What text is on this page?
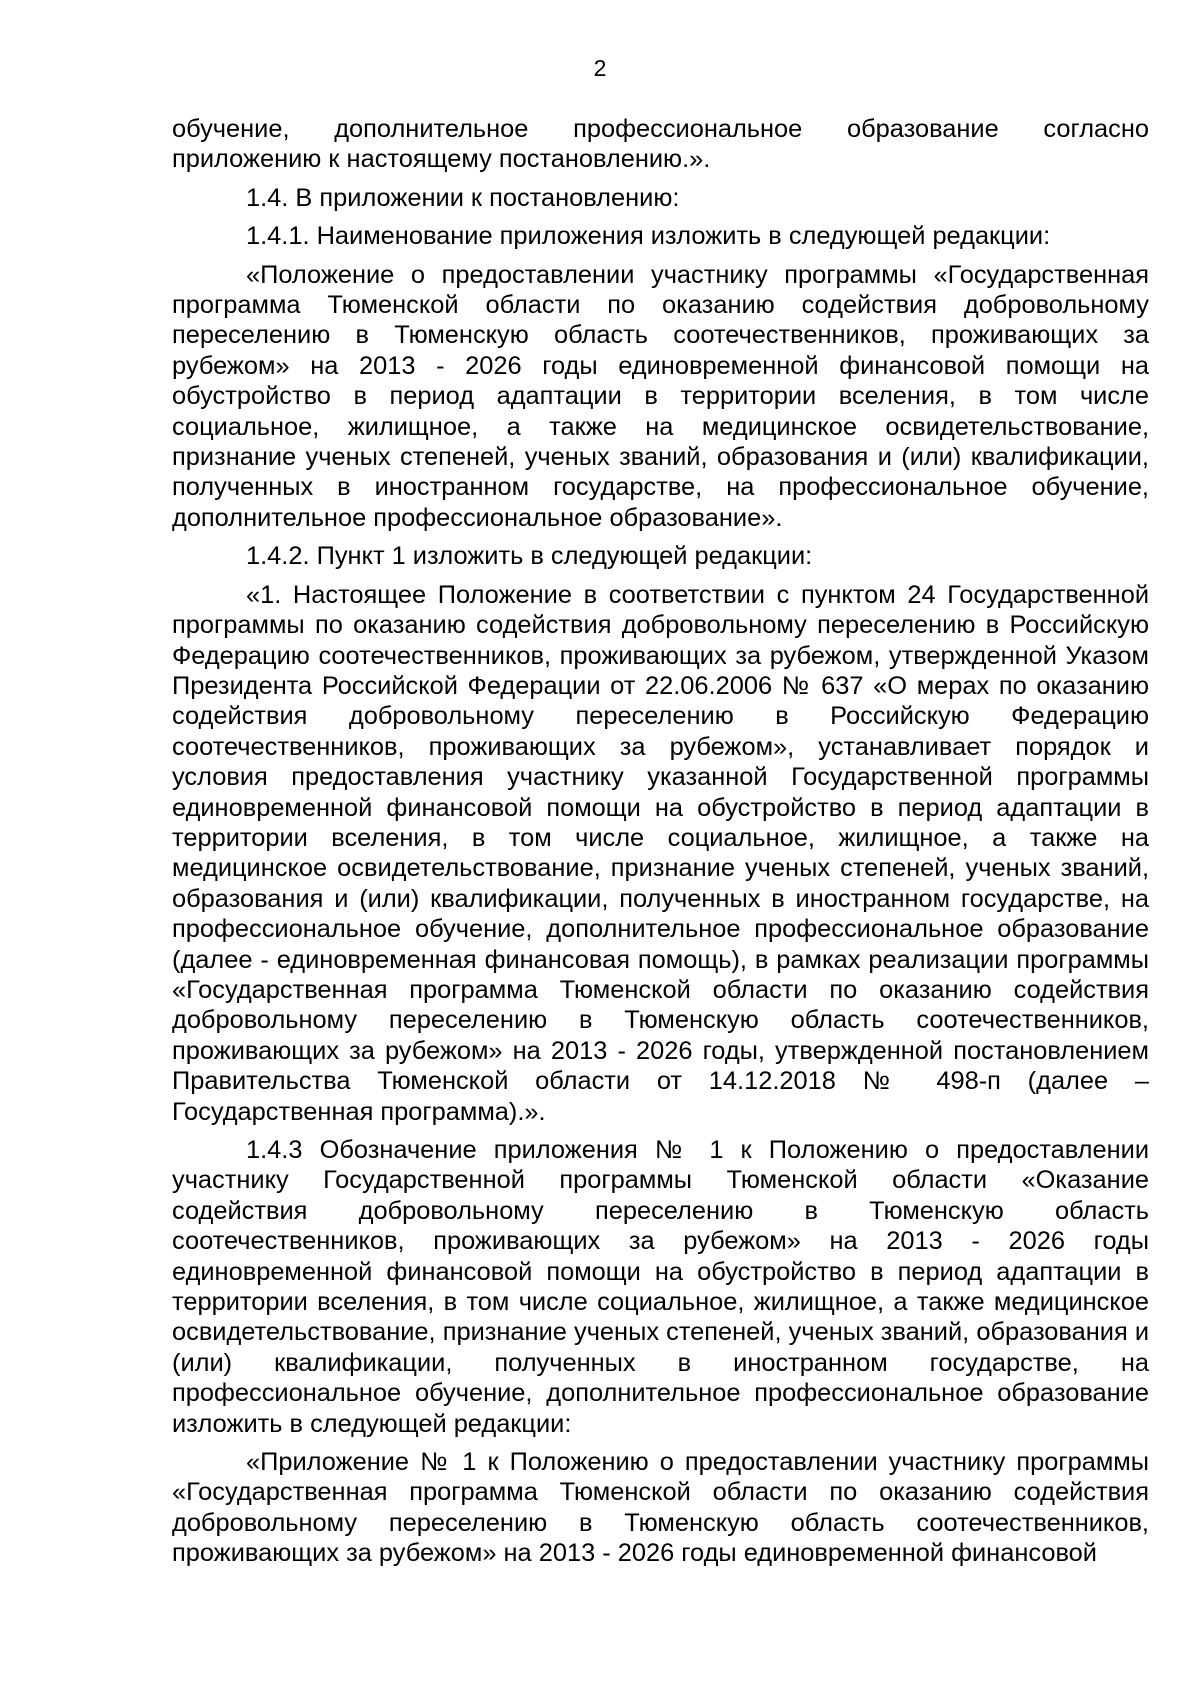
2

обучение, дополнительное профессиональное образование согласно приложению к настоящему постановлению.».

1.4. В приложении к постановлению:

1.4.1. Наименование приложения изложить в следующей редакции:

«Положение о предоставлении участнику программы «Государственная программа Тюменской области по оказанию содействия добровольному переселению в Тюменскую область соотечественников, проживающих за рубежом» на 2013 - 2026 годы единовременной финансовой помощи на обустройство в период адаптации в территории вселения, в том числе социальное, жилищное, а также на медицинское освидетельствование, признание ученых степеней, ученых званий, образования и (или) квалификации, полученных в иностранном государстве, на профессиональное обучение, дополнительное профессиональное образование».

1.4.2. Пункт 1 изложить в следующей редакции:

«1. Настоящее Положение в соответствии с пунктом 24 Государственной программы по оказанию содействия добровольному переселению в Российскую Федерацию соотечественников, проживающих за рубежом, утвержденной Указом Президента Российской Федерации от 22.06.2006 № 637 «О мерах по оказанию содействия добровольному переселению в Российскую Федерацию соотечественников, проживающих за рубежом», устанавливает порядок и условия предоставления участнику указанной Государственной программы единовременной финансовой помощи на обустройство в период адаптации в территории вселения, в том числе социальное, жилищное, а также на медицинское освидетельствование, признание ученых степеней, ученых званий, образования и (или) квалификации, полученных в иностранном государстве, на профессиональное обучение, дополнительное профессиональное образование (далее - единовременная финансовая помощь), в рамках реализации программы «Государственная программа Тюменской области по оказанию содействия добровольному переселению в Тюменскую область соотечественников, проживающих за рубежом» на 2013 - 2026 годы, утвержденной постановлением Правительства Тюменской области от 14.12.2018 № 498-п (далее – Государственная программа).».

1.4.3 Обозначение приложения № 1 к Положению о предоставлении участнику Государственной программы Тюменской области «Оказание содействия добровольному переселению в Тюменскую область соотечественников, проживающих за рубежом» на 2013 - 2026 годы единовременной финансовой помощи на обустройство в период адаптации в территории вселения, в том числе социальное, жилищное, а также медицинское освидетельствование, признание ученых степеней, ученых званий, образования и (или) квалификации, полученных в иностранном государстве, на профессиональное обучение, дополнительное профессиональное образование изложить в следующей редакции:

«Приложение № 1 к Положению о предоставлении участнику программы «Государственная программа Тюменской области по оказанию содействия добровольному переселению в Тюменскую область соотечественников, проживающих за рубежом» на 2013 - 2026 годы единовременной финансовой
